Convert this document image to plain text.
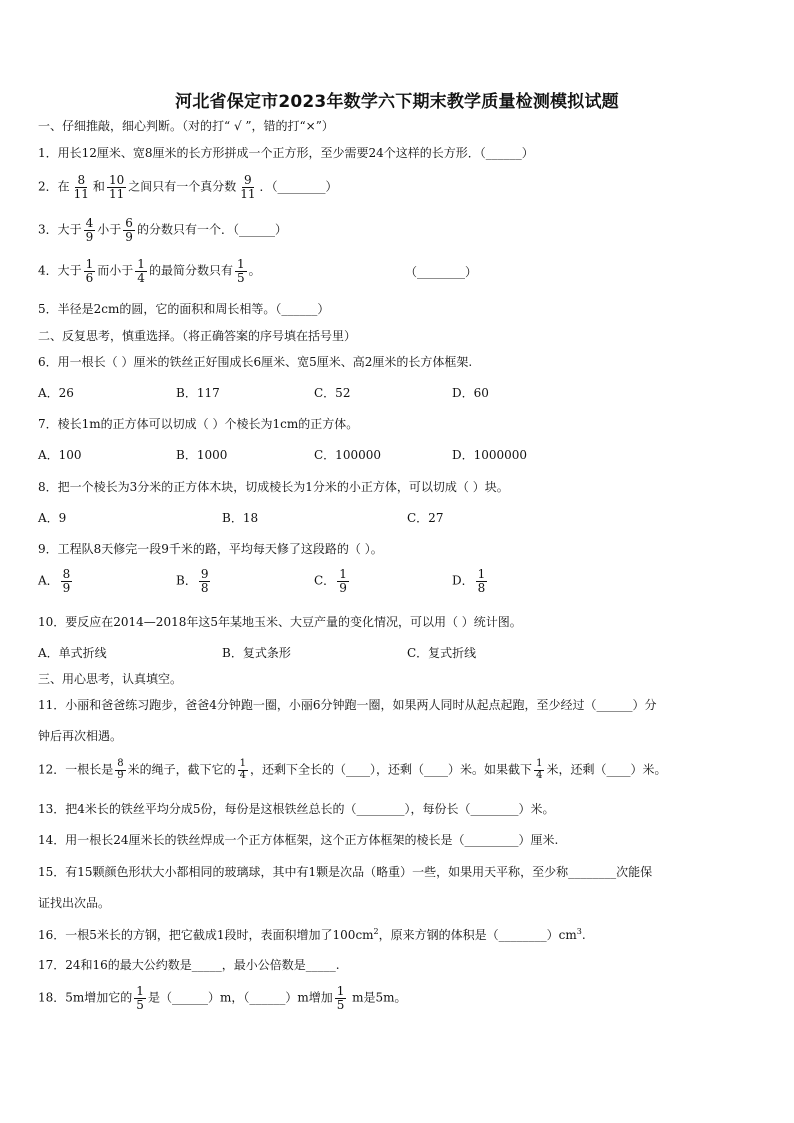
河北省保定市2023年数学六下期末教学质量检测模拟试题
一、仔细推敲，细心判断。（对的打“ √ ”，错的打“×”）
1．用长12厘米、宽8厘米的长方形拼成一个正方形，至少需要24个这样的长方形．（______）
2．在 $\frac{8}{11}$ 和 $\frac{10}{11}$ 之间只有一个真分数 $\frac{9}{11}$ ．（________）
3．大于 $\frac{4}{9}$ 小于 $\frac{6}{9}$ 的分数只有一个．（______）
4．大于 $\frac{1}{6}$ 而小于 $\frac{1}{4}$ 的最简分数只有 $\frac{1}{5}$ 。	（________）
5．半径是2cm的圆，它的面积和周长相等。（______）
二、反复思考，慎重选择。（将正确答案的序号填在括号里）
6．用一根长（ ）厘米的铁丝正好围成长6厘米、宽5厘米、高2厘米的长方体框架.
A．26	B．117	C．52	D．60
7．棱长1m的正方体可以切成（ ）个棱长为1cm的正方体。
A．100	B．1000	C．100000	D．1000000
8．把一个棱长为3分米的正方体木块，切成棱长为1分米的小正方体，可以切成（ ）块。
A．9	B．18	C．27
9．工程队8天修完一段9千米的路，平均每天修了这段路的（ ）。
A． $\frac{8}{9}$	B． $\frac{9}{8}$	C． $\frac{1}{9}$	D． $\frac{1}{8}$
10．要反应在2014—2018年这5年某地玉米、大豆产量的变化情况，可以用（ ）统计图。
A．单式折线	B．复式条形	C．复式折线
三、用心思考，认真填空。
11．小丽和爸爸练习跑步，爸爸4分钟跑一圈，小丽6分钟跑一圈，如果两人同时从起点起跑，至少经过（______）分
钟后再次相遇。
12．一根长是 $\frac{8}{9}$ 米的绳子，截下它的 $\frac{1}{4}$ ，还剩下全长的（____），还剩（____）米。如果截下 $\frac{1}{4}$ 米，还剩（____）米。
13．把4米长的铁丝平均分成5份，每份是这根铁丝总长的（________），每份长（________）米。
14．用一根长24厘米长的铁丝焊成一个正方体框架，这个正方体框架的棱长是（_________）厘米.
15．有15颗颜色形状大小都相同的玻璃球，其中有1颗是次品（略重）一些，如果用天平称，至少称________次能保
证找出次品。
16．一根5米长的方钢，把它截成1段时，表面积增加了$100cm^2$，原来方钢的体积是$(\_\_\_\_\_\_\_\_)cm^3$.
17．24和16的最大公约数是_____，最小公倍数是_____.
18．5m增加它的 $\frac{1}{5}$ 是（______）m，（______）m增加 $\frac{1}{5}$ m是5m。
